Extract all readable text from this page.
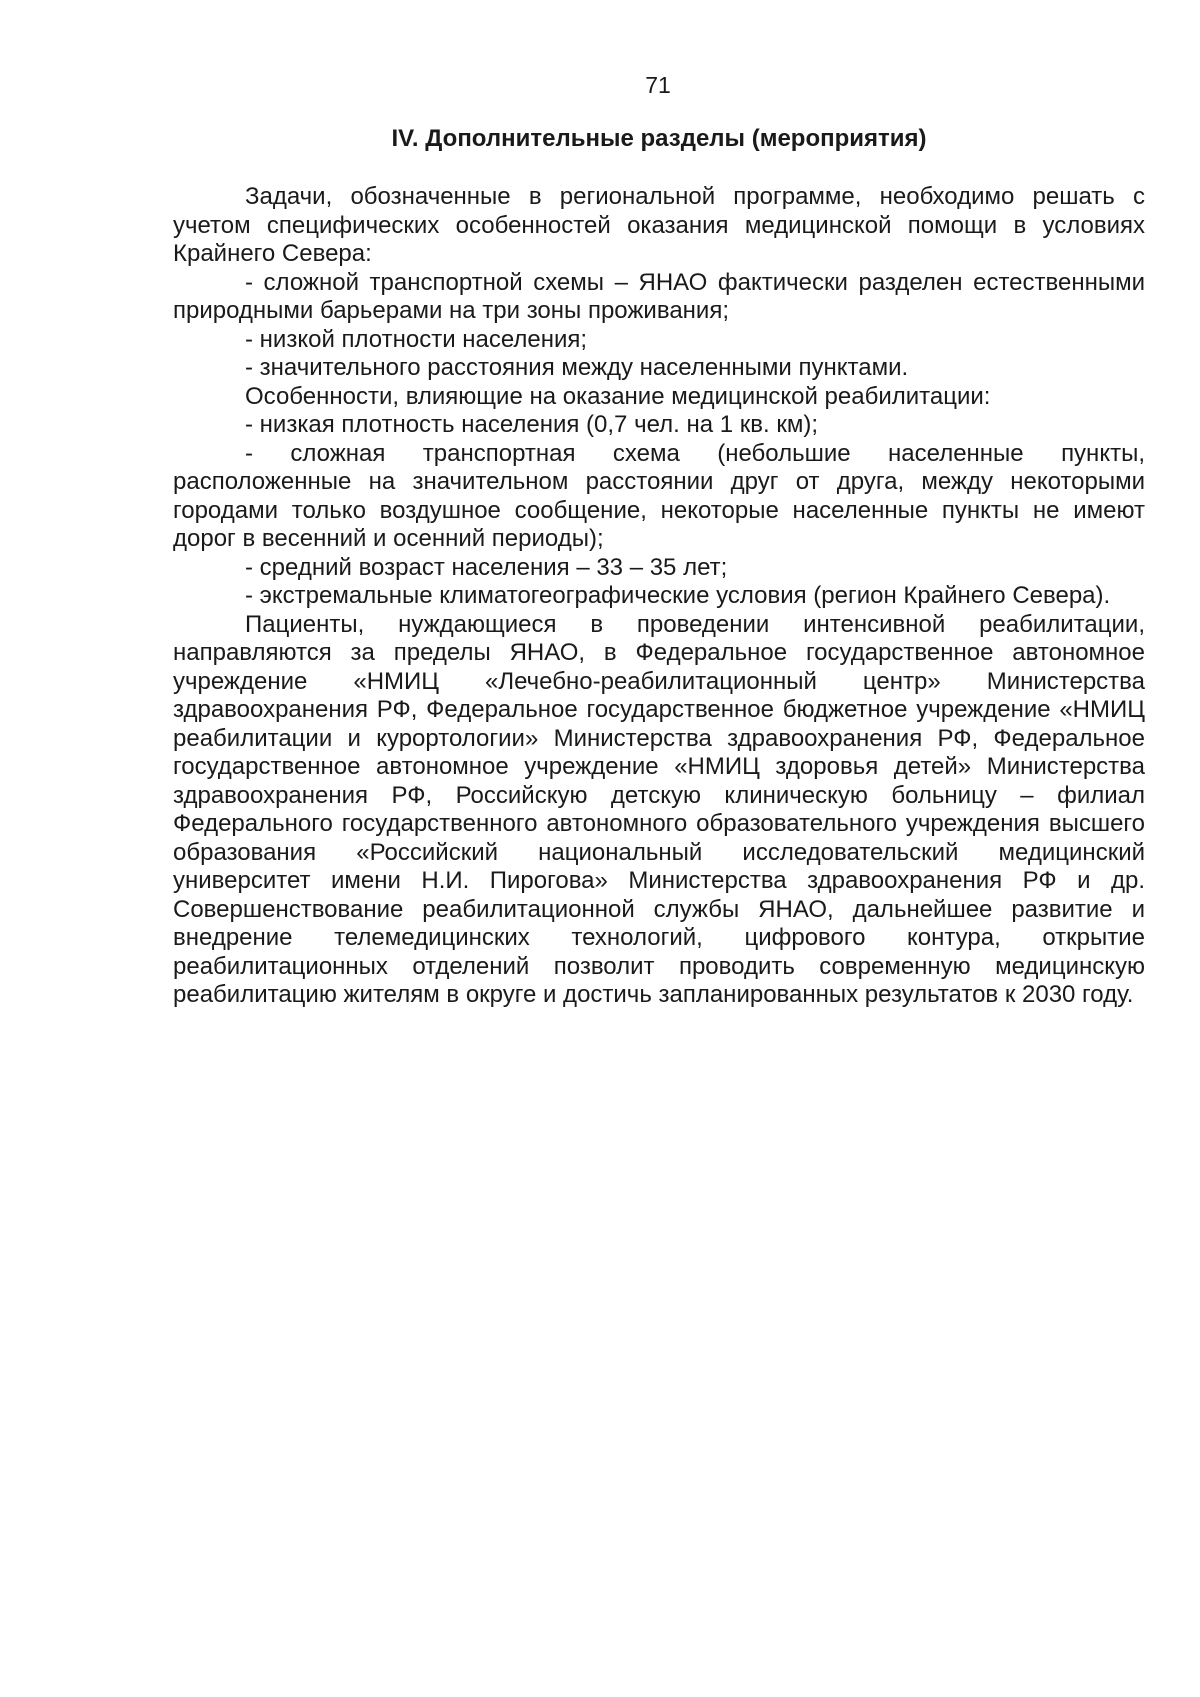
71
IV. Дополнительные разделы (мероприятия)

Задачи, обозначенные в региональной программе, необходимо решать с учетом специфических особенностей оказания медицинской помощи в условиях Крайнего Севера:

- сложной транспортной схемы – ЯНАО фактически разделен естественными природными барьерами на три зоны проживания;

- низкой плотности населения;

- значительного расстояния между населенными пунктами.

Особенности, влияющие на оказание медицинской реабилитации:

- низкая плотность населения (0,7 чел. на 1 кв. км);

- сложная транспортная схема (небольшие населенные пункты, расположенные на значительном расстоянии друг от друга, между некоторыми городами только воздушное сообщение, некоторые населенные пункты не имеют дорог в весенний и осенний периоды);

- средний возраст населения – 33 – 35 лет;

- экстремальные климатогеографические условия (регион Крайнего Севера).

Пациенты, нуждающиеся в проведении интенсивной реабилитации, направляются за пределы ЯНАО, в Федеральное государственное автономное учреждение «НМИЦ «Лечебно-реабилитационный центр» Министерства здравоохранения РФ, Федеральное государственное бюджетное учреждение «НМИЦ реабилитации и курортологии» Министерства здравоохранения РФ, Федеральное государственное автономное учреждение «НМИЦ здоровья детей» Министерства здравоохранения РФ, Российскую детскую клиническую больницу – филиал Федерального государственного автономного образовательного учреждения высшего образования «Российский национальный исследовательский медицинский университет имени Н.И. Пирогова» Министерства здравоохранения РФ и др. Совершенствование реабилитационной службы ЯНАО, дальнейшее развитие и внедрение телемедицинских технологий, цифрового контура, открытие реабилитационных отделений позволит проводить современную медицинскую реабилитацию жителям в округе и достичь запланированных результатов к 2030 году.
